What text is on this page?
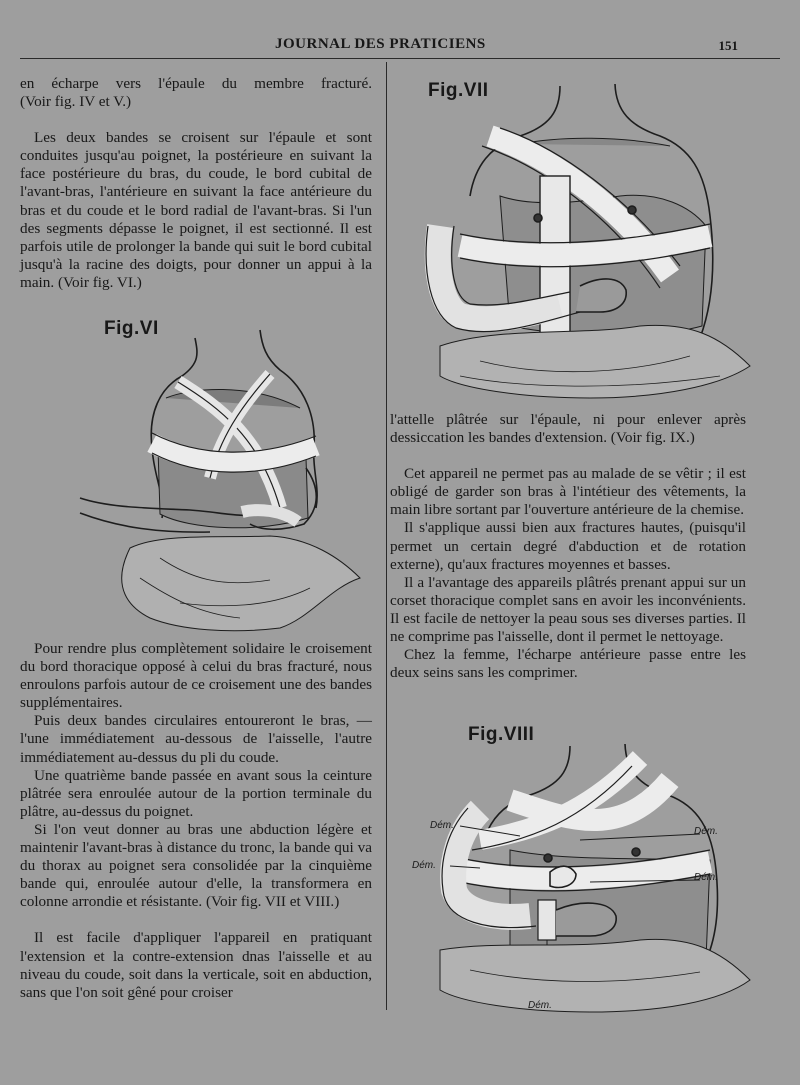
JOURNAL DES PRATICIENS	151

en écharpe vers l'épaule du membre fracturé.

(Voir fig. IV et V.)

Les deux bandes se croisent sur l'épaule et sont conduites jusqu'au poignet, la postérieure en suivant la face postérieure du bras, du coude, le bord cubital de l'avant-bras, l'antérieure en suivant la face antérieure du bras et du coude et le bord radial de l'avant-bras. Si l'un des segments dépasse le poignet, il est sectionné. Il est parfois utile de prolonger la bande qui suit le bord cubital jusqu'à la racine des doigts, pour donner un appui à la main. (Voir fig. VI.)

Fig.VI

Pour rendre plus complètement solidaire le croisement du bord thoracique opposé à celui du bras fracturé, nous enroulons parfois autour de ce croisement une des bandes supplémentaires.

Puis deux bandes circulaires entoureront le bras, — l'une immédiatement au-dessous de l'aisselle, l'autre immédiatement au-dessus du pli du coude.

Une quatrième bande passée en avant sous la ceinture plâtrée sera enroulée autour de la portion terminale du plâtre, au-dessus du poignet.

Si l'on veut donner au bras une abduction légère et maintenir l'avant-bras à distance du tronc, la bande qui va du thorax au poignet sera consolidée par la cinquième bande qui, enroulée autour d'elle, la transformera en colonne arrondie et résistante. (Voir fig. VII et VIII.)

Il est facile d'appliquer l'appareil en pratiquant l'extension et la contre-extension dnas l'aisselle et au niveau du coude, soit dans la verticale, soit en abduction, sans que l'on soit gêné pour croiser

Fig.VII

l'attelle plâtrée sur l'épaule, ni pour enlever après dessiccation les bandes d'extension. (Voir fig. IX.)

Cet appareil ne permet pas au malade de se vêtir ; il est obligé de garder son bras à l'intétieur des vêtements, la main libre sortant par l'ouverture antérieure de la chemise.

Il s'applique aussi bien aux fractures hautes, (puisqu'il permet un certain degré d'abduction et de rotation externe), qu'aux fractures moyennes et basses.

Il a l'avantage des appareils plâtrés prenant appui sur un corset thoracique complet sans en avoir les inconvénients. Il est facile de nettoyer la peau sous ses diverses parties. Il ne comprime pas l'aisselle, dont il permet le nettoyage.

Chez la femme, l'écharpe antérieure passe entre les deux seins sans les comprimer.

Fig.VIII
Dém.
Dém.
Dém.
Dém.
Dém.
